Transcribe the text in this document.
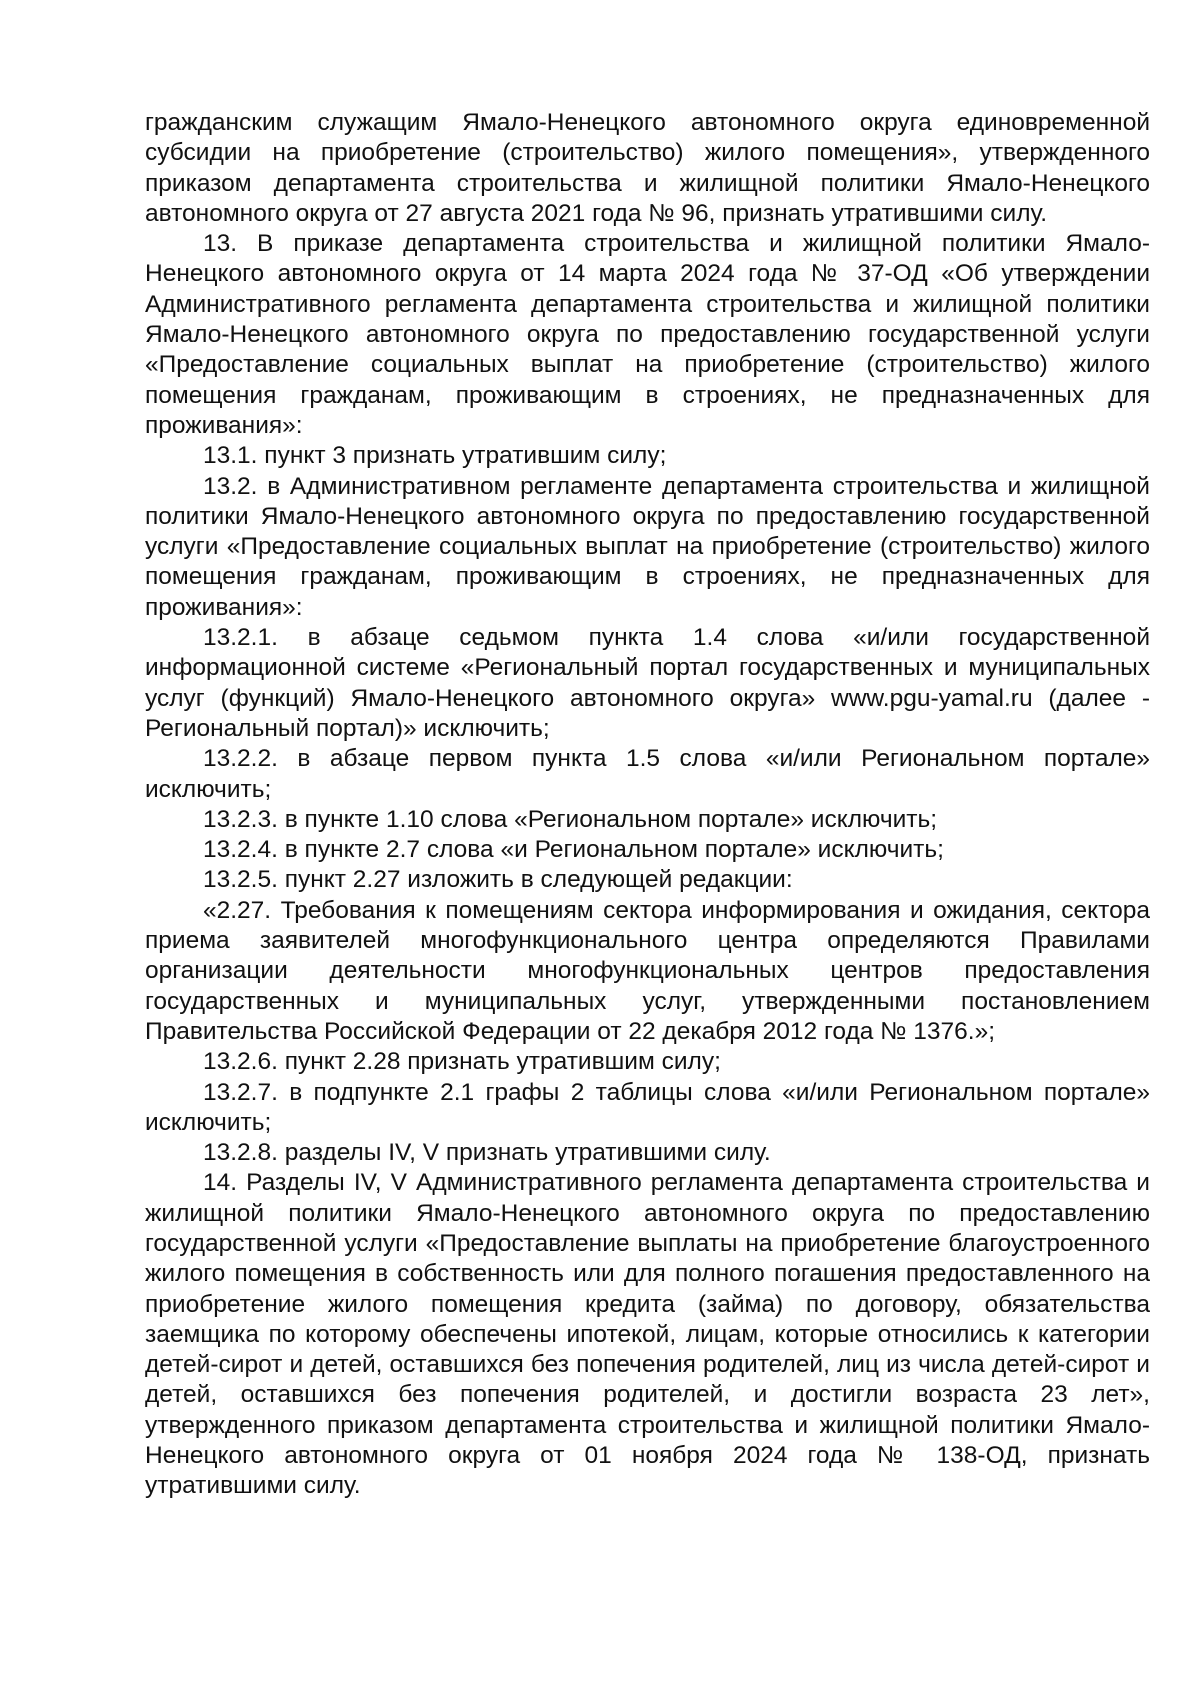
гражданским служащим Ямало-Ненецкого автономного округа единовременной субсидии на приобретение (строительство) жилого помещения», утвержденного приказом департамента строительства и жилищной политики Ямало-Ненецкого автономного округа от 27 августа 2021 года № 96, признать утратившими силу.

13. В приказе департамента строительства и жилищной политики Ямало-Ненецкого автономного округа от 14 марта 2024 года № 37-ОД «Об утверждении Административного регламента департамента строительства и жилищной политики Ямало-Ненецкого автономного округа по предоставлению государственной услуги «Предоставление социальных выплат на приобретение (строительство) жилого помещения гражданам, проживающим в строениях, не предназначенных для проживания»:

13.1. пункт 3 признать утратившим силу;

13.2. в Административном регламенте департамента строительства и жилищной политики Ямало-Ненецкого автономного округа по предоставлению государственной услуги «Предоставление социальных выплат на приобретение (строительство) жилого помещения гражданам, проживающим в строениях, не предназначенных для проживания»:

13.2.1. в абзаце седьмом пункта 1.4 слова «и/или государственной информационной системе «Региональный портал государственных и муниципальных услуг (функций) Ямало-Ненецкого автономного округа» www.pgu-yamal.ru (далее - Региональный портал)» исключить;

13.2.2. в абзаце первом пункта 1.5 слова «и/или Региональном портале» исключить;

13.2.3. в пункте 1.10 слова «Региональном портале» исключить;

13.2.4. в пункте 2.7 слова «и Региональном портале» исключить;

13.2.5. пункт 2.27 изложить в следующей редакции:

«2.27. Требования к помещениям сектора информирования и ожидания, сектора приема заявителей многофункционального центра определяются Правилами организации деятельности многофункциональных центров предоставления государственных и муниципальных услуг, утвержденными постановлением Правительства Российской Федерации от 22 декабря 2012 года № 1376.»;

13.2.6. пункт 2.28 признать утратившим силу;

13.2.7. в подпункте 2.1 графы 2 таблицы слова «и/или Региональном портале» исключить;

13.2.8. разделы IV, V признать утратившими силу.

14. Разделы IV, V Административного регламента департамента строительства и жилищной политики Ямало-Ненецкого автономного округа по предоставлению государственной услуги «Предоставление выплаты на приобретение благоустроенного жилого помещения в собственность или для полного погашения предоставленного на приобретение жилого помещения кредита (займа) по договору, обязательства заемщика по которому обеспечены ипотекой, лицам, которые относились к категории детей-сирот и детей, оставшихся без попечения родителей, лиц из числа детей-сирот и детей, оставшихся без попечения родителей, и достигли возраста 23 лет», утвержденного приказом департамента строительства и жилищной политики Ямало-Ненецкого автономного округа от 01 ноября 2024 года № 138-ОД, признать утратившими силу.
